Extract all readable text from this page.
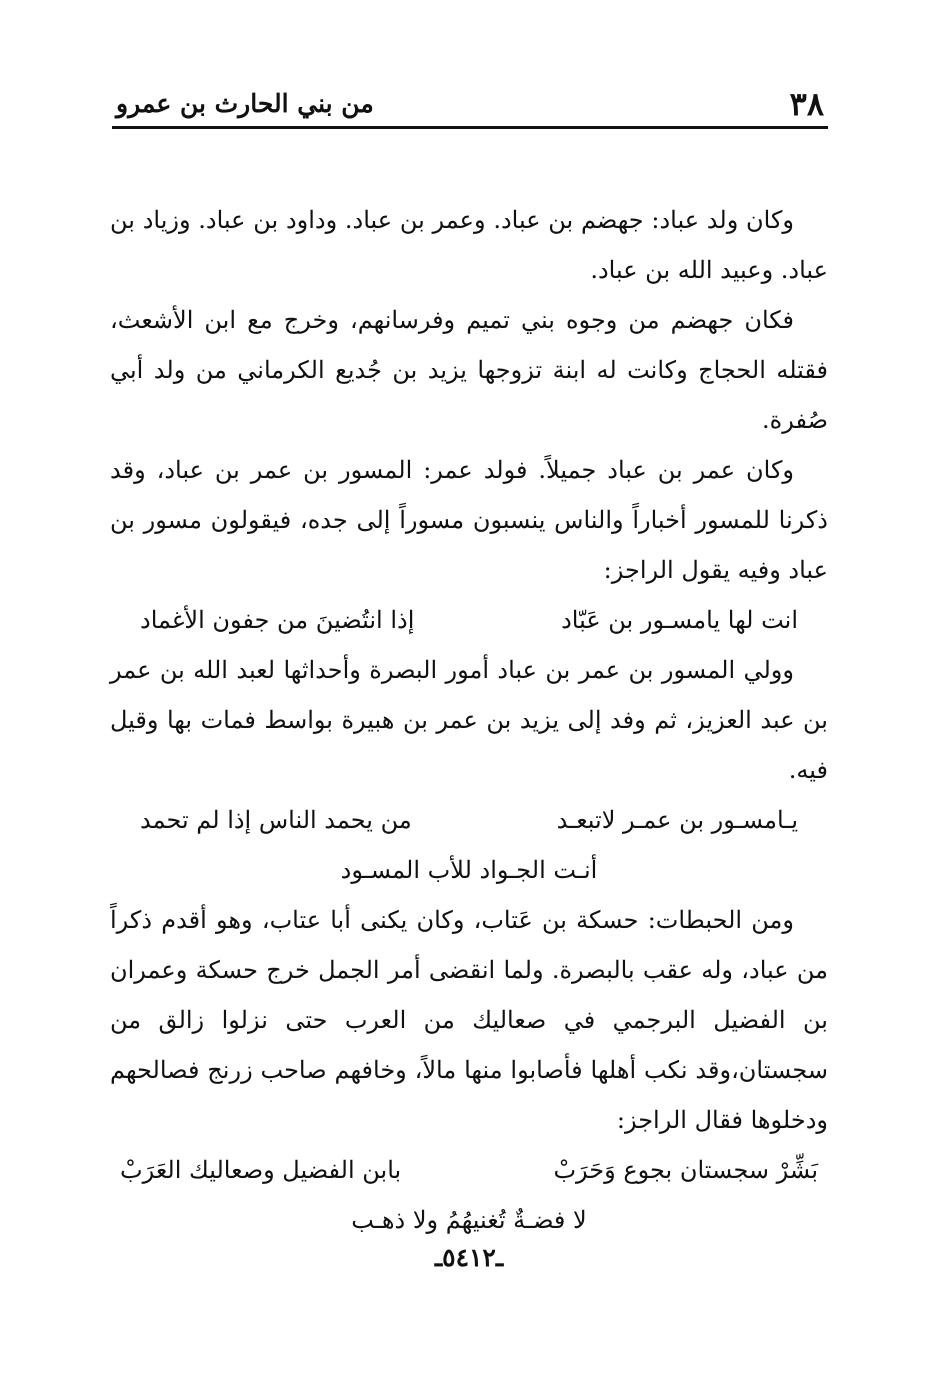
٣٨
من بني الحارث بن عمرو

وكان ولد عباد: جهضم بن عباد. وعمر بن عباد. وداود بن عباد. وزياد بن عباد. وعبيد الله بن عباد.

فكان جهضم من وجوه بني تميم وفرسانهم، وخرج مع ابن الأشعث، فقتله الحجاج وكانت له ابنة تزوجها يزيد بن جُديع الكرماني من ولد أبي صُفرة.

وكان عمر بن عباد جميلاً. فولد عمر: المسور بن عمر بن عباد، وقد ذكرنا للمسور أخباراً والناس ينسبون مسوراً إلى جده، فيقولون مسور بن عباد وفيه يقول الراجز:

انت لها يامسـور بن عَبّاد
إذا انتُضينَ من جفون الأغماد

وولي المسور بن عمر بن عباد أمور البصرة وأحداثها لعبد الله بن عمر بن عبد العزيز، ثم وفد إلى يزيد بن عمر بن هبيرة بواسط فمات بها وقيل فيه.

يـامسـور بن عمـر لاتبعـد
من يحمد الناس إذا لم تحمد

أنـت الجـواد للأب المسـود

ومن الحبطات: حسكة بن عَتاب، وكان يكنى أبا عتاب، وهو أقدم ذكراً من عباد، وله عقب بالبصرة. ولما انقضى أمر الجمل خرج حسكة وعمران بن الفضيل البرجمي في صعاليك من العرب حتى نزلوا زالق من سجستان،وقد نكب أهلها فأصابوا منها مالاً، وخافهم صاحب زرنج فصالحهم ودخلوها فقال الراجز:

بَشِّرْ سجستان بجوع وَحَرَبْ
بابن الفضيل وصعاليك العَرَبْ

لا فضـةٌ تُغنيهُمُ ولا ذهـب

ـ٥٤١٢ـ
